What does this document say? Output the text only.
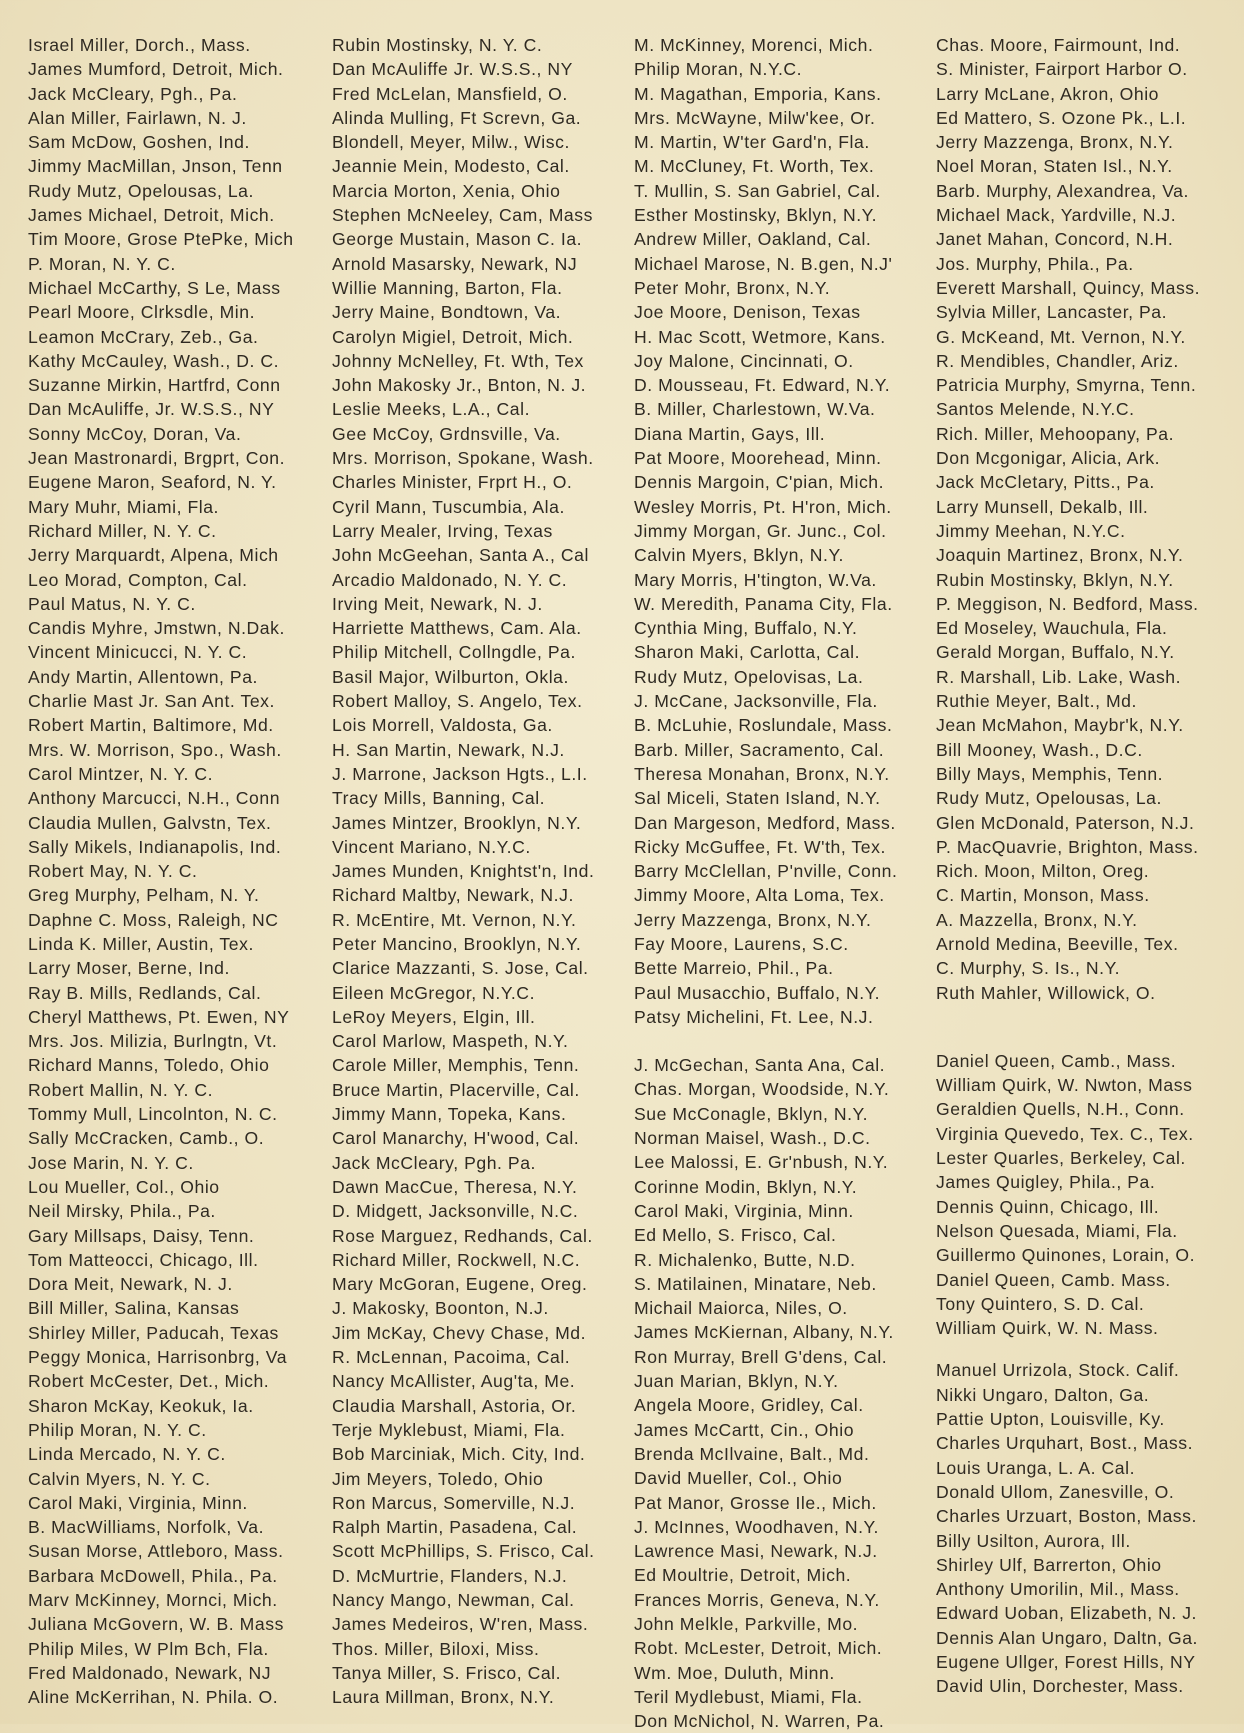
Israel Miller, Dorch., Mass.
James Mumford, Detroit, Mich.
Jack McCleary, Pgh., Pa.
Alan Miller, Fairlawn, N. J.
Sam McDow, Goshen, Ind.
Jimmy MacMillan, Jnson, Tenn
Rudy Mutz, Opelousas, La.
James Michael, Detroit, Mich.
Tim Moore, Grose PtePke, Mich
P. Moran, N. Y. C.
Michael McCarthy, S Le, Mass
Pearl Moore, Clrksdle, Min.
Leamon McCrary, Zeb., Ga.
Kathy McCauley, Wash., D. C.
Suzanne Mirkin, Hartfrd, Conn
Dan McAuliffe, Jr. W.S.S., NY
Sonny McCoy, Doran, Va.
Jean Mastronardi, Brgprt, Con.
Eugene Maron, Seaford, N. Y.
Mary Muhr, Miami, Fla.
Richard Miller, N. Y. C.
Jerry Marquardt, Alpena, Mich
Leo Morad, Compton, Cal.
Paul Matus, N. Y. C.
Candis Myhre, Jmstwn, N.Dak.
Vincent Minicucci, N. Y. C.
Andy Martin, Allentown, Pa.
Charlie Mast Jr. San Ant. Tex.
Robert Martin, Baltimore, Md.
Mrs. W. Morrison, Spo., Wash.
Carol Mintzer, N. Y. C.
Anthony Marcucci, N.H., Conn
Claudia Mullen, Galvstn, Tex.
Sally Mikels, Indianapolis, Ind.
Robert May, N. Y. C.
Greg Murphy, Pelham, N. Y.
Daphne C. Moss, Raleigh, NC
Linda K. Miller, Austin, Tex.
Larry Moser, Berne, Ind.
Ray B. Mills, Redlands, Cal.
Cheryl Matthews, Pt. Ewen, NY
Mrs. Jos. Milizia, Burlngtn, Vt.
Richard Manns, Toledo, Ohio
Robert Mallin, N. Y. C.
Tommy Mull, Lincolnton, N. C.
Sally McCracken, Camb., O.
Jose Marin, N. Y. C.
Lou Mueller, Col., Ohio
Neil Mirsky, Phila., Pa.
Gary Millsaps, Daisy, Tenn.
Tom Matteocci, Chicago, Ill.
Dora Meit, Newark, N. J.
Bill Miller, Salina, Kansas
Shirley Miller, Paducah, Texas
Peggy Monica, Harrisonbrg, Va
Robert McCester, Det., Mich.
Sharon McKay, Keokuk, Ia.
Philip Moran, N. Y. C.
Linda Mercado, N. Y. C.
Calvin Myers, N. Y. C.
Carol Maki, Virginia, Minn.
B. MacWilliams, Norfolk, Va.
Susan Morse, Attleboro, Mass.
Barbara McDowell, Phila., Pa.
Marv McKinney, Mornci, Mich.
Juliana McGovern, W. B. Mass
Philip Miles, W Plm Bch, Fla.
Fred Maldonado, Newark, NJ
Aline McKerrihan, N. Phila. O.
Rubin Mostinsky, N. Y. C.
Dan McAuliffe Jr. W.S.S., NY
Fred McLelan, Mansfield, O.
Alinda Mulling, Ft Screvn, Ga.
Blondell, Meyer, Milw., Wisc.
Jeannie Mein, Modesto, Cal.
Marcia Morton, Xenia, Ohio
Stephen McNeeley, Cam, Mass
George Mustain, Mason C. Ia.
Arnold Masarsky, Newark, NJ
Willie Manning, Barton, Fla.
Jerry Maine, Bondtown, Va.
Carolyn Migiel, Detroit, Mich.
Johnny McNelley, Ft. Wth, Tex
John Makosky Jr., Bnton, N. J.
Leslie Meeks, L.A., Cal.
Gee McCoy, Grdnsville, Va.
Mrs. Morrison, Spokane, Wash.
Charles Minister, Frprt H., O.
Cyril Mann, Tuscumbia, Ala.
Larry Mealer, Irving, Texas
John McGeehan, Santa A., Cal
Arcadio Maldonado, N. Y. C.
Irving Meit, Newark, N. J.
Harriette Matthews, Cam. Ala.
Philip Mitchell, Collngdle, Pa.
Basil Major, Wilburton, Okla.
Robert Malloy, S. Angelo, Tex.
Lois Morrell, Valdosta, Ga.
H. San Martin, Newark, N.J.
J. Marrone, Jackson Hgts., L.I.
Tracy Mills, Banning, Cal.
James Mintzer, Brooklyn, N.Y.
Vincent Mariano, N.Y.C.
James Munden, Knightst'n, Ind.
Richard Maltby, Newark, N.J.
R. McEntire, Mt. Vernon, N.Y.
Peter Mancino, Brooklyn, N.Y.
Clarice Mazzanti, S. Jose, Cal.
Eileen McGregor, N.Y.C.
LeRoy Meyers, Elgin, Ill.
Carol Marlow, Maspeth, N.Y.
Carole Miller, Memphis, Tenn.
Bruce Martin, Placerville, Cal.
Jimmy Mann, Topeka, Kans.
Carol Manarchy, H'wood, Cal.
Jack McCleary, Pgh. Pa.
Dawn MacCue, Theresa, N.Y.
D. Midgett, Jacksonville, N.C.
Rose Marguez, Redhands, Cal.
Richard Miller, Rockwell, N.C.
Mary McGoran, Eugene, Oreg.
J. Makosky, Boonton, N.J.
Jim McKay, Chevy Chase, Md.
R. McLennan, Pacoima, Cal.
Nancy McAllister, Aug'ta, Me.
Claudia Marshall, Astoria, Or.
Terje Myklebust, Miami, Fla.
Bob Marciniak, Mich. City, Ind.
Jim Meyers, Toledo, Ohio
Ron Marcus, Somerville, N.J.
Ralph Martin, Pasadena, Cal.
Scott McPhillips, S. Frisco, Cal.
D. McMurtrie, Flanders, N.J.
Nancy Mango, Newman, Cal.
James Medeiros, W'ren, Mass.
Thos. Miller, Biloxi, Miss.
Tanya Miller, S. Frisco, Cal.
Laura Millman, Bronx, N.Y.
M. McKinney, Morenci, Mich.
Philip Moran, N.Y.C.
M. Magathan, Emporia, Kans.
Mrs. McWayne, Milw'kee, Or.
M. Martin, W'ter Gard'n, Fla.
M. McCluney, Ft. Worth, Tex.
T. Mullin, S. San Gabriel, Cal.
Esther Mostinsky, Bklyn, N.Y.
Andrew Miller, Oakland, Cal.
Michael Marose, N. B.gen, N.J'
Peter Mohr, Bronx, N.Y.
Joe Moore, Denison, Texas
H. Mac Scott, Wetmore, Kans.
Joy Malone, Cincinnati, O.
D. Mousseau, Ft. Edward, N.Y.
B. Miller, Charlestown, W.Va.
Diana Martin, Gays, Ill.
Pat Moore, Moorehead, Minn.
Dennis Margoin, C'pian, Mich.
Wesley Morris, Pt. H'ron, Mich.
Jimmy Morgan, Gr. Junc., Col.
Calvin Myers, Bklyn, N.Y.
Mary Morris, H'tington, W.Va.
W. Meredith, Panama City, Fla.
Cynthia Ming, Buffalo, N.Y.
Sharon Maki, Carlotta, Cal.
Rudy Mutz, Opelovisas, La.
J. McCane, Jacksonville, Fla.
B. McLuhie, Roslundale, Mass.
Barb. Miller, Sacramento, Cal.
Theresa Monahan, Bronx, N.Y.
Sal Miceli, Staten Island, N.Y.
Dan Margeson, Medford, Mass.
Ricky McGuffee, Ft. W'th, Tex.
Barry McClellan, P'nville, Conn.
Jimmy Moore, Alta Loma, Tex.
Jerry Mazzenga, Bronx, N.Y.
Fay Moore, Laurens, S.C.
Bette Marreio, Phil., Pa.
Paul Musacchio, Buffalo, N.Y.
Patsy Michelini, Ft. Lee, N.J.
J. McGechan, Santa Ana, Cal.
Chas. Morgan, Woodside, N.Y.
Sue McConagle, Bklyn, N.Y.
Norman Maisel, Wash., D.C.
Lee Malossi, E. Gr'nbush, N.Y.
Corinne Modin, Bklyn, N.Y.
Carol Maki, Virginia, Minn.
Ed Mello, S. Frisco, Cal.
R. Michalenko, Butte, N.D.
S. Matilainen, Minatare, Neb.
Michail Maiorca, Niles, O.
James McKiernan, Albany, N.Y.
Ron Murray, Brell G'dens, Cal.
Juan Marian, Bklyn, N.Y.
Angela Moore, Gridley, Cal.
James McCartt, Cin., Ohio
Brenda McIlvaine, Balt., Md.
David Mueller, Col., Ohio
Pat Manor, Grosse Ile., Mich.
J. McInnes, Woodhaven, N.Y.
Lawrence Masi, Newark, N.J.
Ed Moultrie, Detroit, Mich.
Frances Morris, Geneva, N.Y.
John Melkle, Parkville, Mo.
Robt. McLester, Detroit, Mich.
Wm. Moe, Duluth, Minn.
Teril Mydlebust, Miami, Fla.
Don McNichol, N. Warren, Pa.
Chas. Moore, Fairmount, Ind.
S. Minister, Fairport Harbor O.
Larry McLane, Akron, Ohio
Ed Mattero, S. Ozone Pk., L.I.
Jerry Mazzenga, Bronx, N.Y.
Noel Moran, Staten Isl., N.Y.
Barb. Murphy, Alexandrea, Va.
Michael Mack, Yardville, N.J.
Janet Mahan, Concord, N.H.
Jos. Murphy, Phila., Pa.
Everett Marshall, Quincy, Mass.
Sylvia Miller, Lancaster, Pa.
G. McKeand, Mt. Vernon, N.Y.
R. Mendibles, Chandler, Ariz.
Patricia Murphy, Smyrna, Tenn.
Santos Melende, N.Y.C.
Rich. Miller, Mehoopany, Pa.
Don Mcgonigar, Alicia, Ark.
Jack McCletary, Pitts., Pa.
Larry Munsell, Dekalb, Ill.
Jimmy Meehan, N.Y.C.
Joaquin Martinez, Bronx, N.Y.
Rubin Mostinsky, Bklyn, N.Y.
P. Meggison, N. Bedford, Mass.
Ed Moseley, Wauchula, Fla.
Gerald Morgan, Buffalo, N.Y.
R. Marshall, Lib. Lake, Wash.
Ruthie Meyer, Balt., Md.
Jean McMahon, Maybr'k, N.Y.
Bill Mooney, Wash., D.C.
Billy Mays, Memphis, Tenn.
Rudy Mutz, Opelousas, La.
Glen McDonald, Paterson, N.J.
P. MacQuavrie, Brighton, Mass.
Rich. Moon, Milton, Oreg.
C. Martin, Monson, Mass.
A. Mazzella, Bronx, N.Y.
Arnold Medina, Beeville, Tex.
C. Murphy, S. Is., N.Y.
Ruth Mahler, Willowick, O.
Daniel Queen, Camb., Mass.
William Quirk, W. Nwton, Mass
Geraldien Quells, N.H., Conn.
Virginia Quevedo, Tex. C., Tex.
Lester Quarles, Berkeley, Cal.
James Quigley, Phila., Pa.
Dennis Quinn, Chicago, Ill.
Nelson Quesada, Miami, Fla.
Guillermo Quinones, Lorain, O.
Daniel Queen, Camb. Mass.
Tony Quintero, S. D. Cal.
William Quirk, W. N. Mass.
Manuel Urrizola, Stock. Calif.
Nikki Ungaro, Dalton, Ga.
Pattie Upton, Louisville, Ky.
Charles Urquhart, Bost., Mass.
Louis Uranga, L. A. Cal.
Donald Ullom, Zanesville, O.
Charles Urzuart, Boston, Mass.
Billy Usilton, Aurora, Ill.
Shirley Ulf, Barrerton, Ohio
Anthony Umorilin, Mil., Mass.
Edward Uoban, Elizabeth, N. J.
Dennis Alan Ungaro, Daltn, Ga.
Eugene Ullger, Forest Hills, NY
David Ulin, Dorchester, Mass.
